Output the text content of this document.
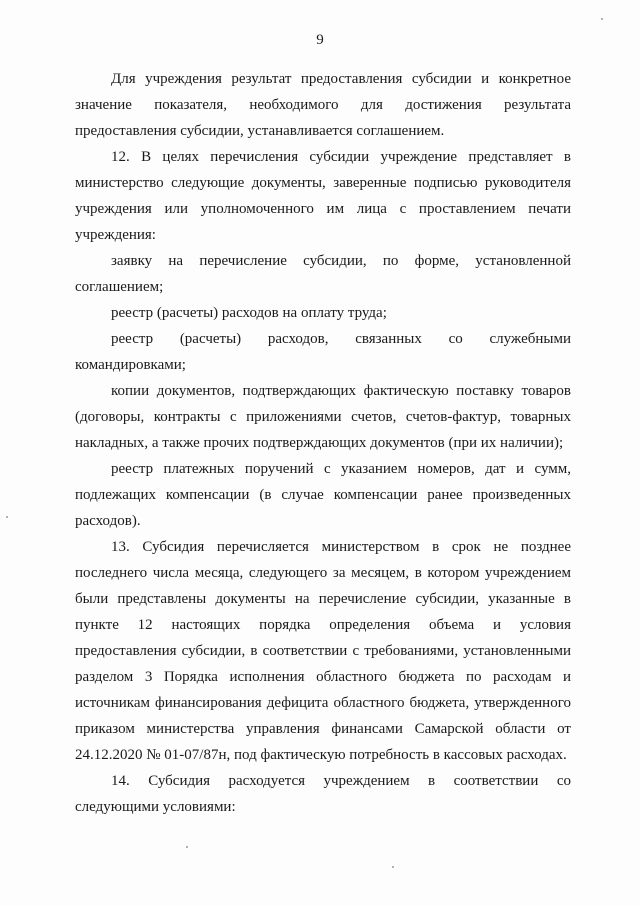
9
Для учреждения результат предоставления субсидии и конкретное
значение показателя, необходимого для достижения результата
предоставления субсидии, устанавливается соглашением.
12. В целях перечисления субсидии учреждение представляет в
министерство следующие документы, заверенные подписью руководителя
учреждения или уполномоченного им лица с проставлением печати
учреждения:
заявку на перечисление субсидии, по форме, установленной
соглашением;
реестр (расчеты) расходов на оплату труда;
реестр (расчеты) расходов, связанных со служебными
командировками;
копии документов, подтверждающих фактическую поставку товаров
(договоры, контракты с приложениями счетов, счетов-фактур, товарных
накладных, а также прочих подтверждающих документов (при их наличии);
реестр платежных поручений с указанием номеров, дат и сумм,
подлежащих компенсации (в случае компенсации ранее произведенных
расходов).
13. Субсидия перечисляется министерством в срок не позднее
последнего числа месяца, следующего за месяцем, в котором учреждением
были представлены документы на перечисление субсидии, указанные в
пункте 12 настоящих порядка определения объема и условия
предоставления субсидии, в соответствии с требованиями, установленными
разделом 3 Порядка исполнения областного бюджета по расходам и
источникам финансирования дефицита областного бюджета, утвержденного
приказом министерства управления финансами Самарской области от
24.12.2020 № 01-07/87н, под фактическую потребность в кассовых расходах.
14. Субсидия расходуется учреждением в соответствии со
следующими условиями:
